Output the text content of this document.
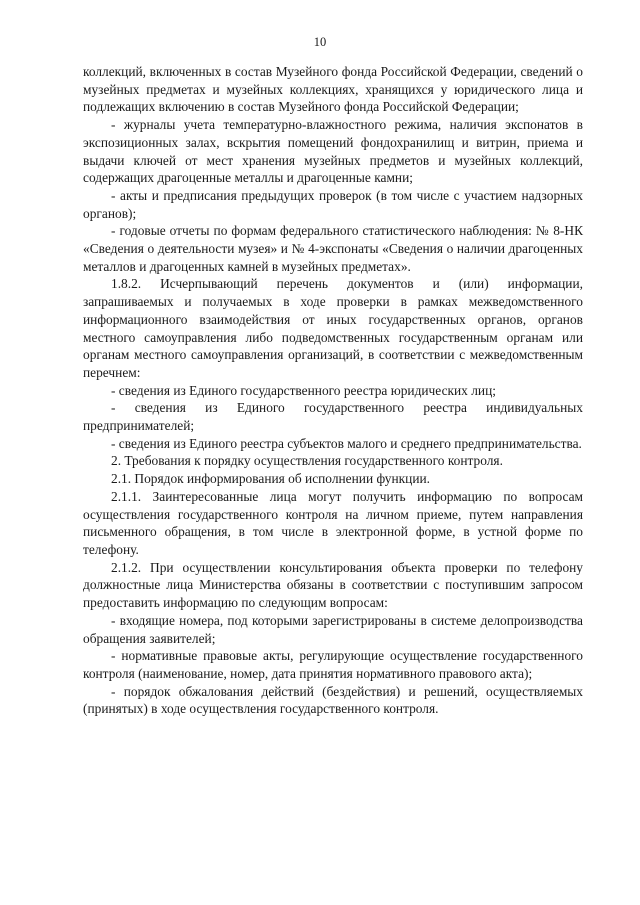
10

коллекций, включенных в состав Музейного фонда Российской Федерации, сведений о музейных предметах и музейных коллекциях, хранящихся у юридического лица и подлежащих включению в состав Музейного фонда Российской Федерации;

- журналы учета температурно-влажностного режима, наличия экспонатов в экспозиционных залах, вскрытия помещений фондохранилищ и витрин, приема и выдачи ключей от мест хранения музейных предметов и музейных коллекций, содержащих драгоценные металлы и драгоценные камни;

- акты и предписания предыдущих проверок (в том числе с участием надзорных органов);

- годовые отчеты по формам федерального статистического наблюдения: № 8-НК «Сведения о деятельности музея» и № 4-экспонаты «Сведения о наличии драгоценных металлов и драгоценных камней в музейных предметах».

1.8.2. Исчерпывающий перечень документов и (или) информации, запрашиваемых и получаемых в ходе проверки в рамках межведомственного информационного взаимодействия от иных государственных органов, органов местного самоуправления либо подведомственных государственным органам или органам местного самоуправления организаций, в соответствии с межведомственным перечнем:

- сведения из Единого государственного реестра юридических лиц;

- сведения из Единого государственного реестра индивидуальных предпринимателей;

- сведения из Единого реестра субъектов малого и среднего предпринимательства.

2. Требования к порядку осуществления государственного контроля.

2.1. Порядок информирования об исполнении функции.

2.1.1. Заинтересованные лица могут получить информацию по вопросам осуществления государственного контроля на личном приеме, путем направления письменного обращения, в том числе в электронной форме, в устной форме по телефону.

2.1.2. При осуществлении консультирования объекта проверки по телефону должностные лица Министерства обязаны в соответствии с поступившим запросом предоставить информацию по следующим вопросам:

- входящие номера, под которыми зарегистрированы в системе делопроизводства обращения заявителей;

- нормативные правовые акты, регулирующие осуществление государственного контроля (наименование, номер, дата принятия нормативного правового акта);

- порядок обжалования действий (бездействия) и решений, осуществляемых (принятых) в ходе осуществления государственного контроля.
